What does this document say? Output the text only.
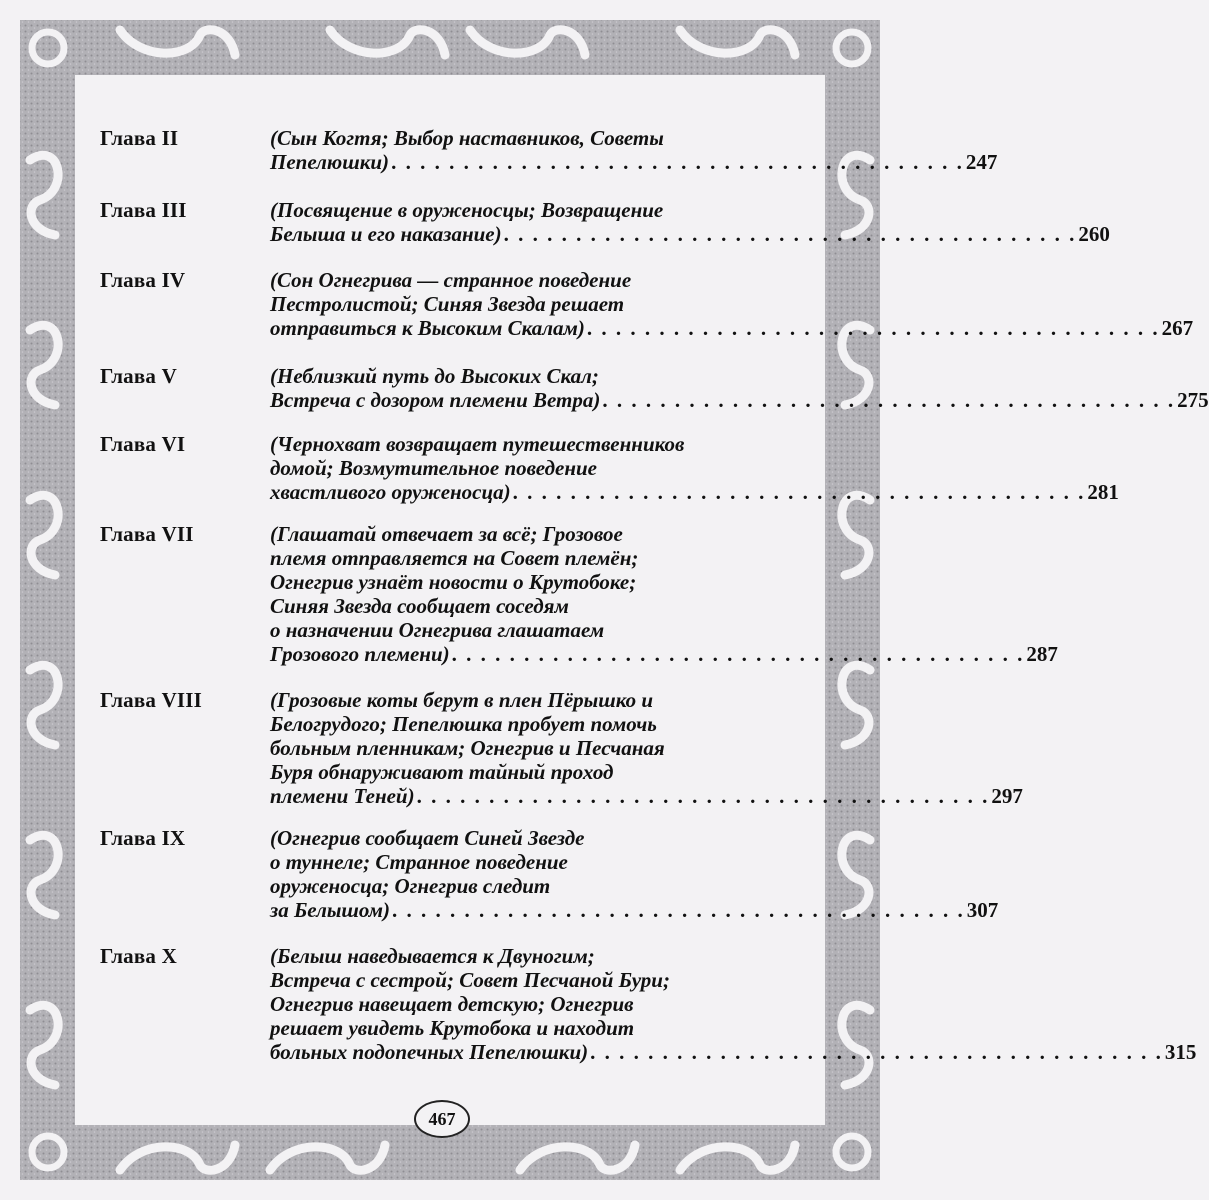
Глава II	(Сын Когтя; Выбор наставников, Советы
Пепелюшки) . . . . . . . . . . . . . . . . . . . . . . . . . . . . . . . . . . . . . . . . 247
Глава III	(Посвящение в оруженосцы; Возвращение
Белыша и его наказание) . . . . . . . . . . . . . . . . . . . . . . . . . . . . . . . . . . . . . . . . 260
Глава IV	(Сон Огнегрива — странное поведение
Пестролистой; Синяя Звезда решает
отправиться к Высоким Скалам) . . . . . . . . . . . . . . . . . . . . . . . . . . . . . . . . . . . . . . . . 267
Глава V	(Неблизкий путь до Высоких Скал;
Встреча с дозором племени Ветра) . . . . . . . . . . . . . . . . . . . . . . . . . . . . . . . . . . . . . . . . 275
Глава VI	(Чернохват возвращает путешественников
домой; Возмутительное поведение
хвастливого оруженосца) . . . . . . . . . . . . . . . . . . . . . . . . . . . . . . . . . . . . . . . . 281
Глава VII	(Глашатай отвечает за всё; Грозовое
племя отправляется на Совет племён;
Огнегрив узнаёт новости о Крутобоке;
Синяя Звезда сообщает соседям
о назначении Огнегрива глашатаем
Грозового племени) . . . . . . . . . . . . . . . . . . . . . . . . . . . . . . . . . . . . . . . . 287
Глава VIII	(Грозовые коты берут в плен Пёрышко и
Белогрудого; Пепелюшка пробует помочь
больным пленникам; Огнегрив и Песчаная
Буря обнаруживают тайный проход
племени Теней) . . . . . . . . . . . . . . . . . . . . . . . . . . . . . . . . . . . . . . . . 297
Глава IX	(Огнегрив сообщает Синей Звезде
о туннеле; Странное поведение
оруженосца; Огнегрив следит
за Белышом) . . . . . . . . . . . . . . . . . . . . . . . . . . . . . . . . . . . . . . . . 307
Глава X	(Белыш наведывается к Двуногим;
Встреча с сестрой; Совет Песчаной Бури;
Огнегрив навещает детскую; Огнегрив
решает увидеть Крутобока и находит
больных подопечных Пепелюшки) . . . . . . . . . . . . . . . . . . . . . . . . . . . . . . . . . . . . . . . . 315
467
